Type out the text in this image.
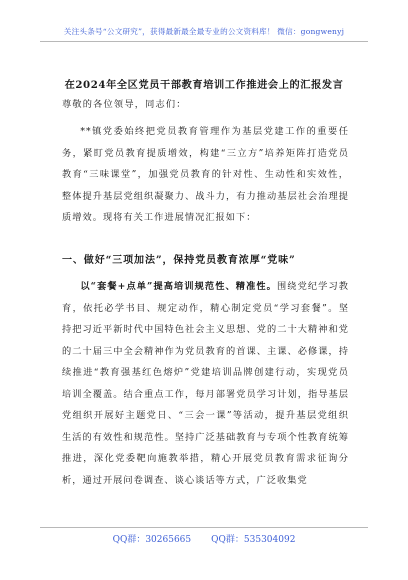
关注头条号“公文研究”，获得最新最全最专业的公文资料库！ 微信：gongwenyj
在2024年全区党员干部教育培训工作推进会上的汇报发言
尊敬的各位领导，同志们：

**镇党委始终把党员教育管理作为基层党建工作的重要任务，紧盯党员教育提质增效，构建“三立方”培养矩阵打造党员教育“三味课堂”，加强党员教育的针对性、生动性和实效性，整体提升基层党组织凝聚力、战斗力，有力推动基层社会治理提质增效。现将有关工作进展情况汇报如下：

一、做好“三项加法”，保持党员教育浓厚“党味”

以“套餐+点单”提高培训规范性、精准性。围绕党纪学习教育，依托必学书目、规定动作，精心制定党员“学习套餐”。坚持把习近平新时代中国特色社会主义思想、党的二十大精神和党的二十届三中全会精神作为党员教育的首课、主课、必修课，持续推进“教育强基红色熔炉”党建培训品牌创建行动，实现党员培训全覆盖。结合重点工作，每月部署党员学习计划，指导基层党组织开展好主题党日、“三会一课”等活动，提升基层党组织生活的有效性和规范性。坚持广泛基础教育与专项个性教育统筹推进，深化党委靶向施教举措，精心开展党员教育需求征询分析，通过开展问卷调查、谈心谈话等方式，广泛收集党

QQ群：30265665 QQ群：535304092
